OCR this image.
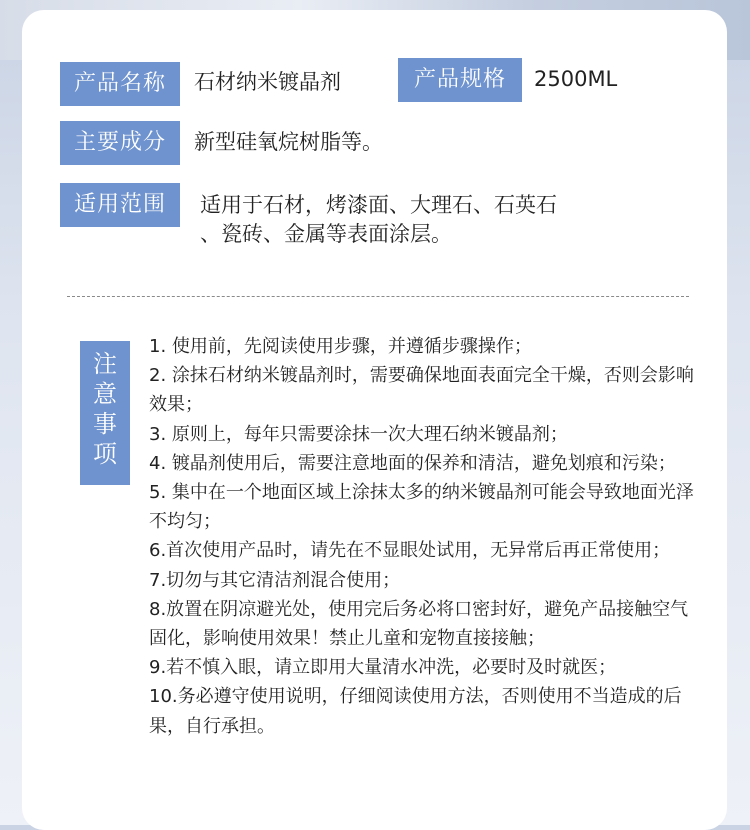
产品名称	石材纳米镀晶剂	产品规格	2500ML
主要成分	新型硅氧烷树脂等。
适用范围	适用于石材，烤漆面、大理石、石英石
、瓷砖、金属等表面涂层。
注
意
事
项
1. 使用前，先阅读使用步骤，并遵循步骤操作；
2. 涂抹石材纳米镀晶剂时，需要确保地面表面完全干燥，否则会影响效果；
3. 原则上，每年只需要涂抹一次大理石纳米镀晶剂；
4. 镀晶剂使用后，需要注意地面的保养和清洁，避免划痕和污染；
5. 集中在一个地面区域上涂抹太多的纳米镀晶剂可能会导致地面光泽不均匀；
6.首次使用产品时，请先在不显眼处试用，无异常后再正常使用；
7.切勿与其它清洁剂混合使用；
8.放置在阴凉避光处，使用完后务必将口密封好，避免产品接触空气固化，影响使用效果！禁止儿童和宠物直接接触；
9.若不慎入眼，请立即用大量清水冲洗，必要时及时就医；
10.务必遵守使用说明，仔细阅读使用方法，否则使用不当造成的后果，自行承担。
